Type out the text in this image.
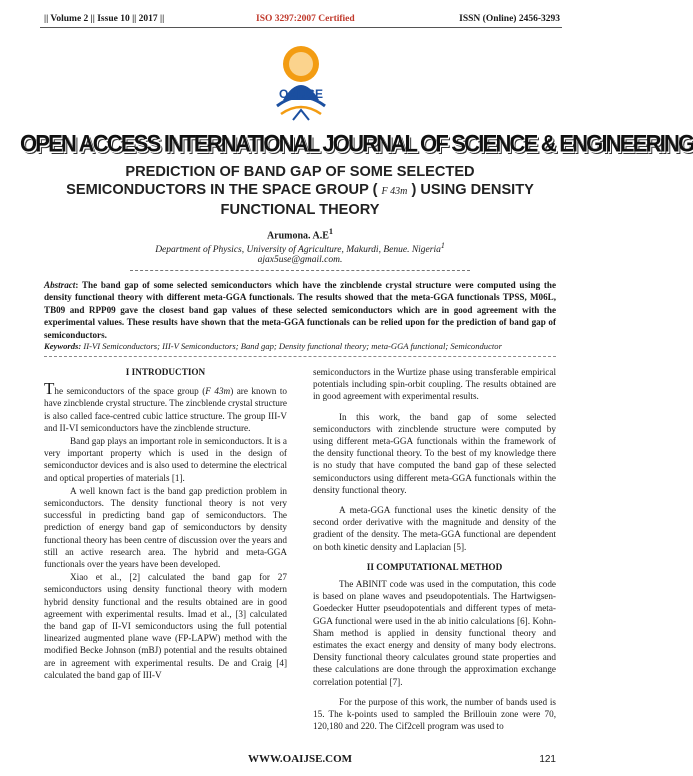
|| Volume 2 || Issue 10 || 2017 ||	ISO 3297:2007 Certified	ISSN (Online) 2456-3293
OAIJSE
OPEN ACCESS INTERNATIONAL JOURNAL OF SCIENCE & ENGINEERING
PREDICTION OF BAND GAP OF SOME SELECTED
SEMICONDUCTORS IN THE SPACE GROUP ( F 43m ) USING DENSITY
FUNCTIONAL THEORY
Arumona. $A.E^1$
Department of Physics, University of Agriculture, Makurdi, Benue. Nigeria$^1$
ajax5use@gmail.com.
Abstract: The band gap of some selected semiconductors which have the zincblende crystal structure were computed using the density functional theory with different meta-GGA functionals. The results showed that the meta-GGA functionals TPSS, M06L, TB09 and RPP09 gave the closest band gap values of these selected semiconductors which are in good agreement with the experimental values. These results have shown that the meta-GGA functionals can be relied upon for the prediction of band gap of semiconductors.
Keywords: II-VI Semiconductors; III-V Semiconductors; Band gap; Density functional theory; meta-GGA functional; Semiconductor
I INTRODUCTION

The semiconductors of the space group (F 43m) are known to have zincblende crystal structure. The zincblende crystal structure is also called face-centred cubic lattice structure. The group III-V and II-VI semiconductors have the zincblende structure.

Band gap plays an important role in semiconductors. It is a very important property which is used in the design of semiconductor devices and is also used to determine the electrical and optical properties of materials [1].

A well known fact is the band gap prediction problem in semiconductors. The density functional theory is not very successful in predicting band gap of semiconductors. The prediction of energy band gap of semiconductors by density functional theory has been centre of discussion over the years and still an active research area. The hybrid and meta-GGA functionals over the years have been developed.

Xiao et al., [2] calculated the band gap for 27 semiconductors using density functional theory with modern hybrid density functional and the results obtained are in good agreement with experimental results. Imad et al., [3] calculated the band gap of II-VI semiconductors using the full potential linearized augmented plane wave (FP-LAPW) method with the modified Becke Johnson (mBJ) potential and the results obtained are in agreement with experimental results. De and Craig [4] calculated the band gap of III-V

semiconductors in the Wurtize phase using transferable empirical potentials including spin-orbit coupling. The results obtained are in good agreement with experimental results.

In this work, the band gap of some selected semiconductors with zincblende structure were computed by using different meta-GGA functionals within the framework of the density functional theory. To the best of my knowledge there is no study that have computed the band gap of these selected semiconductors using different meta-GGA functionals within the density functional theory.

A meta-GGA functional uses the kinetic density of the second order derivative with the magnitude and density of the gradient of the density. The meta-GGA functional are dependent on both kinetic density and Laplacian [5].

II COMPUTATIONAL METHOD

The ABINIT code was used in the computation, this code is based on plane waves and pseudopotentials. The Hartwigsen-Goedecker Hutter pseudopotentials and different types of meta-GGA functional were used in the ab initio calculations [6]. Kohn-Sham method is applied in density functional theory and estimates the exact energy and density of many body electrons. Density functional theory calculates ground state properties and these calculations are done through the approximation exchange correlation potential [7].

For the purpose of this work, the number of bands used is 15. The k-points used to sampled the Brillouin zone were 70, 120,180 and 220. The Cif2cell program was used to

WWW.OAIJSE.COM	121
